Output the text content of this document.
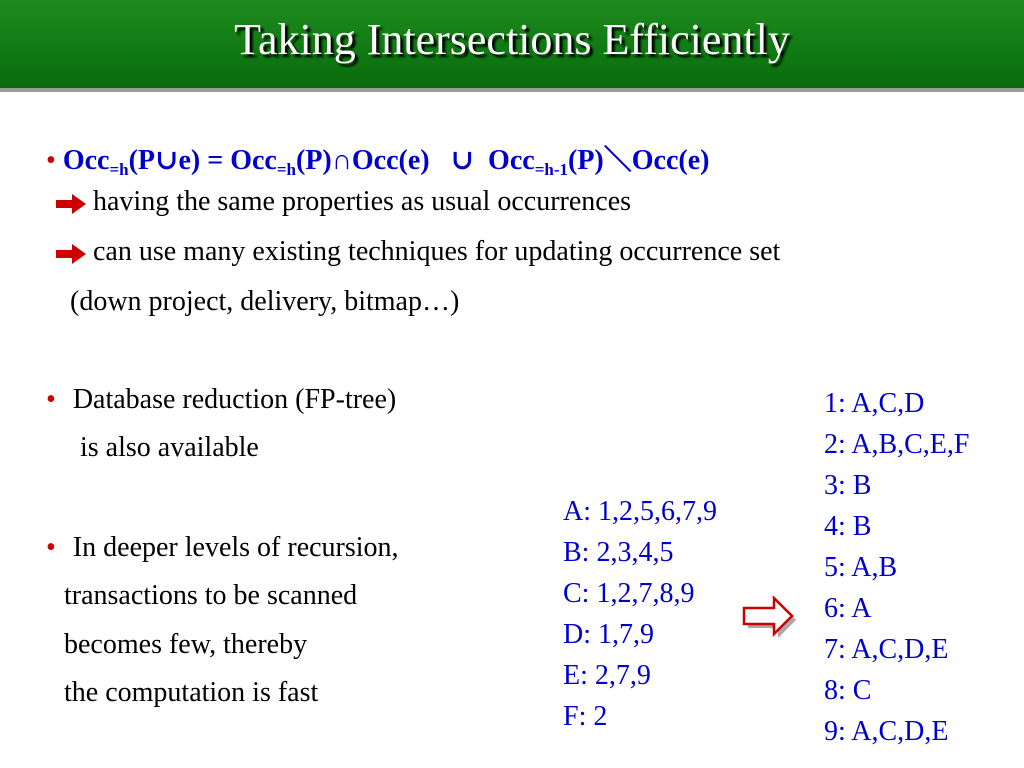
Taking Intersections Efficiently
• Occ$_{=h}$(P∪e) = Occ$_{=h}$(P)∩Occ(e)   ∪  Occ$_{=h-1}$(P)＼Occ(e)
having the same properties as usual occurrences
can use many existing techniques for updating occurrence set
(down project, delivery, bitmap…)
• Database reduction (FP-tree)
is also available
• In deeper levels of recursion,
transactions to be scanned
becomes few, thereby
the computation is fast
A: 1,2,5,6,7,9
B: 2,3,4,5
C: 1,2,7,8,9
D: 1,7,9
E: 2,7,9
F: 2
1: A,C,D
2: A,B,C,E,F
3: B
4: B
5: A,B
6: A
7: A,C,D,E
8: C
9: A,C,D,E
